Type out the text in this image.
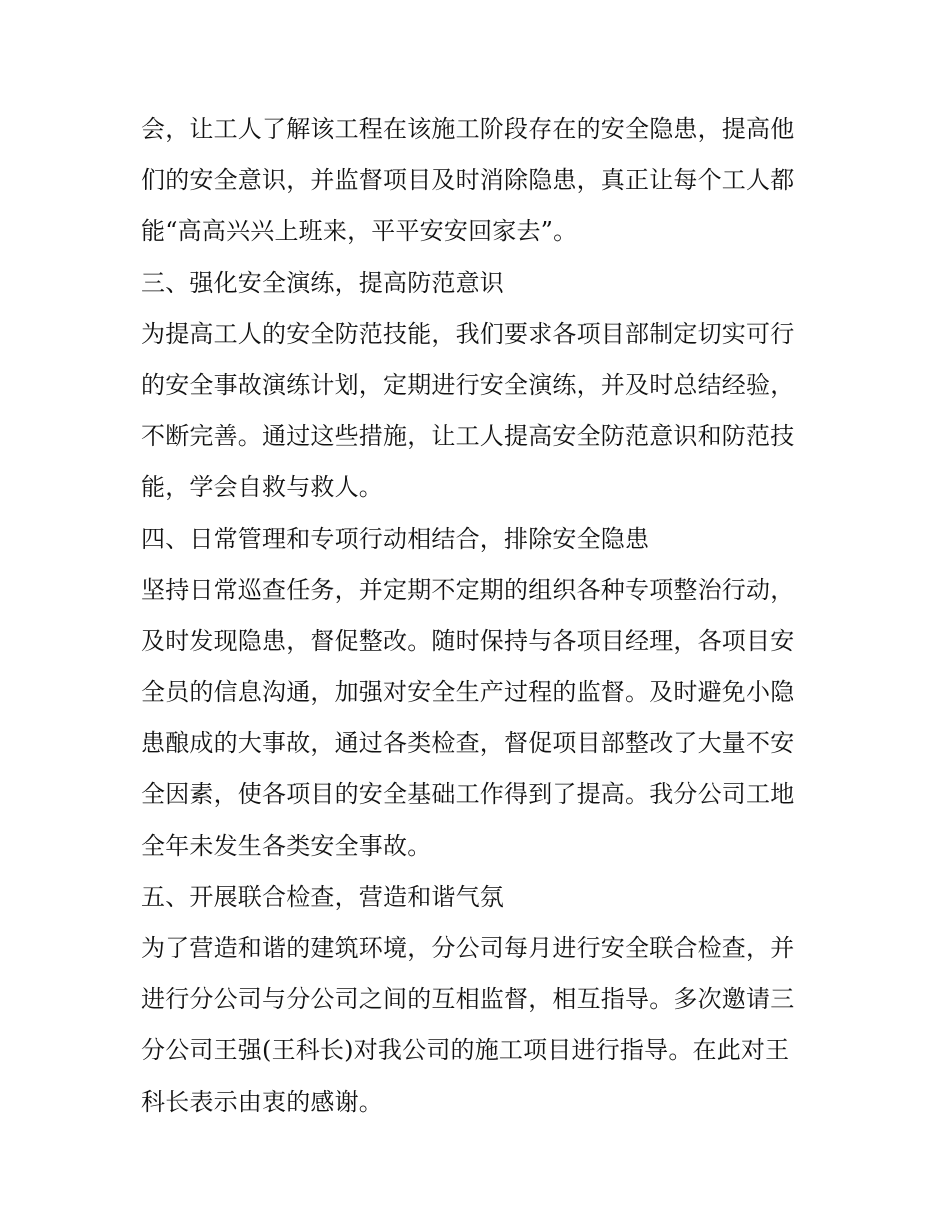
会，让工人了解该工程在该施工阶段存在的安全隐患，提高他
们的安全意识，并监督项目及时消除隐患，真正让每个工人都
能“高高兴兴上班来，平平安安回家去”。
三、强化安全演练，提高防范意识
为提高工人的安全防范技能，我们要求各项目部制定切实可行
的安全事故演练计划，定期进行安全演练，并及时总结经验，
不断完善。通过这些措施，让工人提高安全防范意识和防范技
能，学会自救与救人。
四、日常管理和专项行动相结合，排除安全隐患
坚持日常巡查任务，并定期不定期的组织各种专项整治行动，
及时发现隐患，督促整改。随时保持与各项目经理，各项目安
全员的信息沟通，加强对安全生产过程的监督。及时避免小隐
患酿成的大事故，通过各类检查，督促项目部整改了大量不安
全因素，使各项目的安全基础工作得到了提高。我分公司工地
全年未发生各类安全事故。
五、开展联合检查，营造和谐气氛
为了营造和谐的建筑环境，分公司每月进行安全联合检查，并
进行分公司与分公司之间的互相监督，相互指导。多次邀请三
分公司王强(王科长)对我公司的施工项目进行指导。在此对王
科长表示由衷的感谢。
